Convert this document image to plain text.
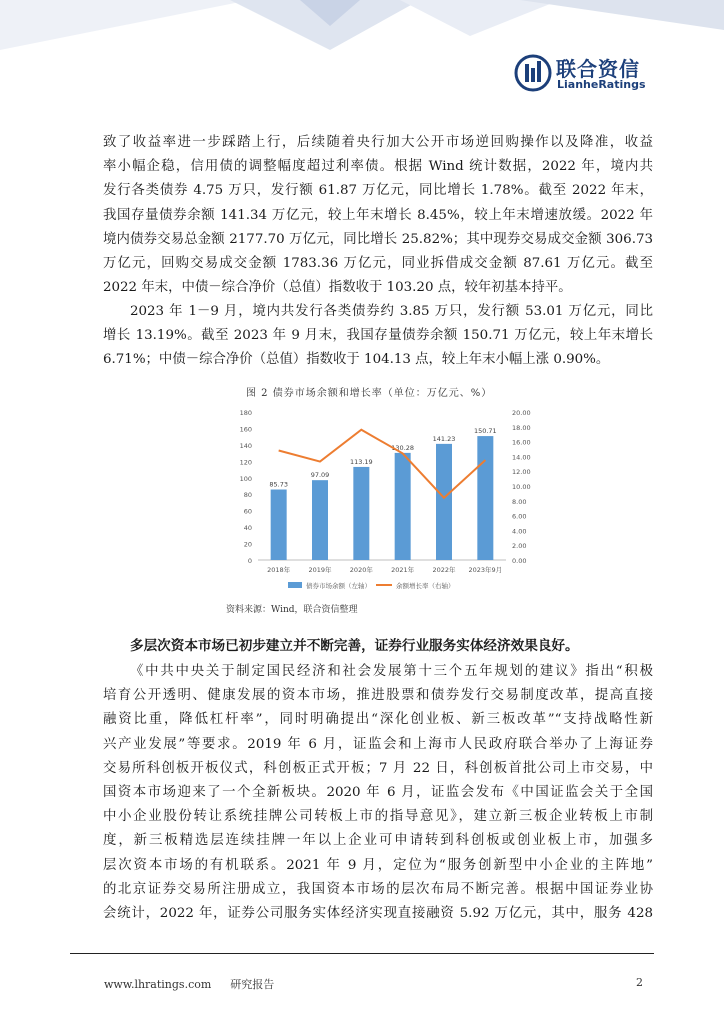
联合资信
LianheRatings
致了收益率进一步踩踏上行，后续随着央行加大公开市场逆回购操作以及降准，收益
率小幅企稳，信用债的调整幅度超过利率债。根据 Wind 统计数据，2022 年，境内共
发行各类债券 4.75 万只，发行额 61.87 万亿元，同比增长 1.78%。截至 2022 年末，
我国存量债券余额 141.34 万亿元，较上年末增长 8.45%，较上年末增速放缓。2022 年
境内债券交易总金额 2177.70 万亿元，同比增长 25.82%；其中现券交易成交金额 306.73
万亿元，回购交易成交金额 1783.36 万亿元，同业拆借成交金额 87.61 万亿元。截至
2022 年末，中债－综合净价（总值）指数收于 103.20 点，较年初基本持平。
2023 年 1－9 月，境内共发行各类债券约 3.85 万只，发行额 53.01 万亿元，同比
增长 13.19%。截至 2023 年 9 月末，我国存量债券余额 150.71 万亿元，较上年末增长
6.71%；中债－综合净价（总值）指数收于 104.13 点，较上年末小幅上涨 0.90%。
图 2 债券市场余额和增长率（单位：万亿元、%）
0
20
40
60
80
100
120
140
160
180
0.00
2.00
4.00
6.00
8.00
10.00
12.00
14.00
16.00
18.00
20.00
85.73
2018年
97.09
2019年
113.19
2020年
130.28
2021年
141.23
2022年
150.71
2023年9月
债券市场余额（左轴）	余额增长率（右轴）
资料来源：Wind，联合资信整理
多层次资本市场已初步建立并不断完善，证券行业服务实体经济效果良好。
《中共中央关于制定国民经济和社会发展第十三个五年规划的建议》指出“积极
培育公开透明、健康发展的资本市场，推进股票和债券发行交易制度改革，提高直接
融资比重，降低杠杆率”，同时明确提出“深化创业板、新三板改革”“支持战略性新
兴产业发展”等要求。2019 年 6 月，证监会和上海市人民政府联合举办了上海证券
交易所科创板开板仪式，科创板正式开板；7 月 22 日，科创板首批公司上市交易，中
国资本市场迎来了一个全新板块。2020 年 6 月，证监会发布《中国证监会关于全国
中小企业股份转让系统挂牌公司转板上市的指导意见》，建立新三板企业转板上市制
度，新三板精选层连续挂牌一年以上企业可申请转到科创板或创业板上市，加强多
层次资本市场的有机联系。2021 年 9 月，定位为“服务创新型中小企业的主阵地”
的北京证券交易所注册成立，我国资本市场的层次布局不断完善。根据中国证券业协
会统计，2022 年，证券公司服务实体经济实现直接融资 5.92 万亿元，其中，服务 428
www.lhratings.com 研究报告	2
